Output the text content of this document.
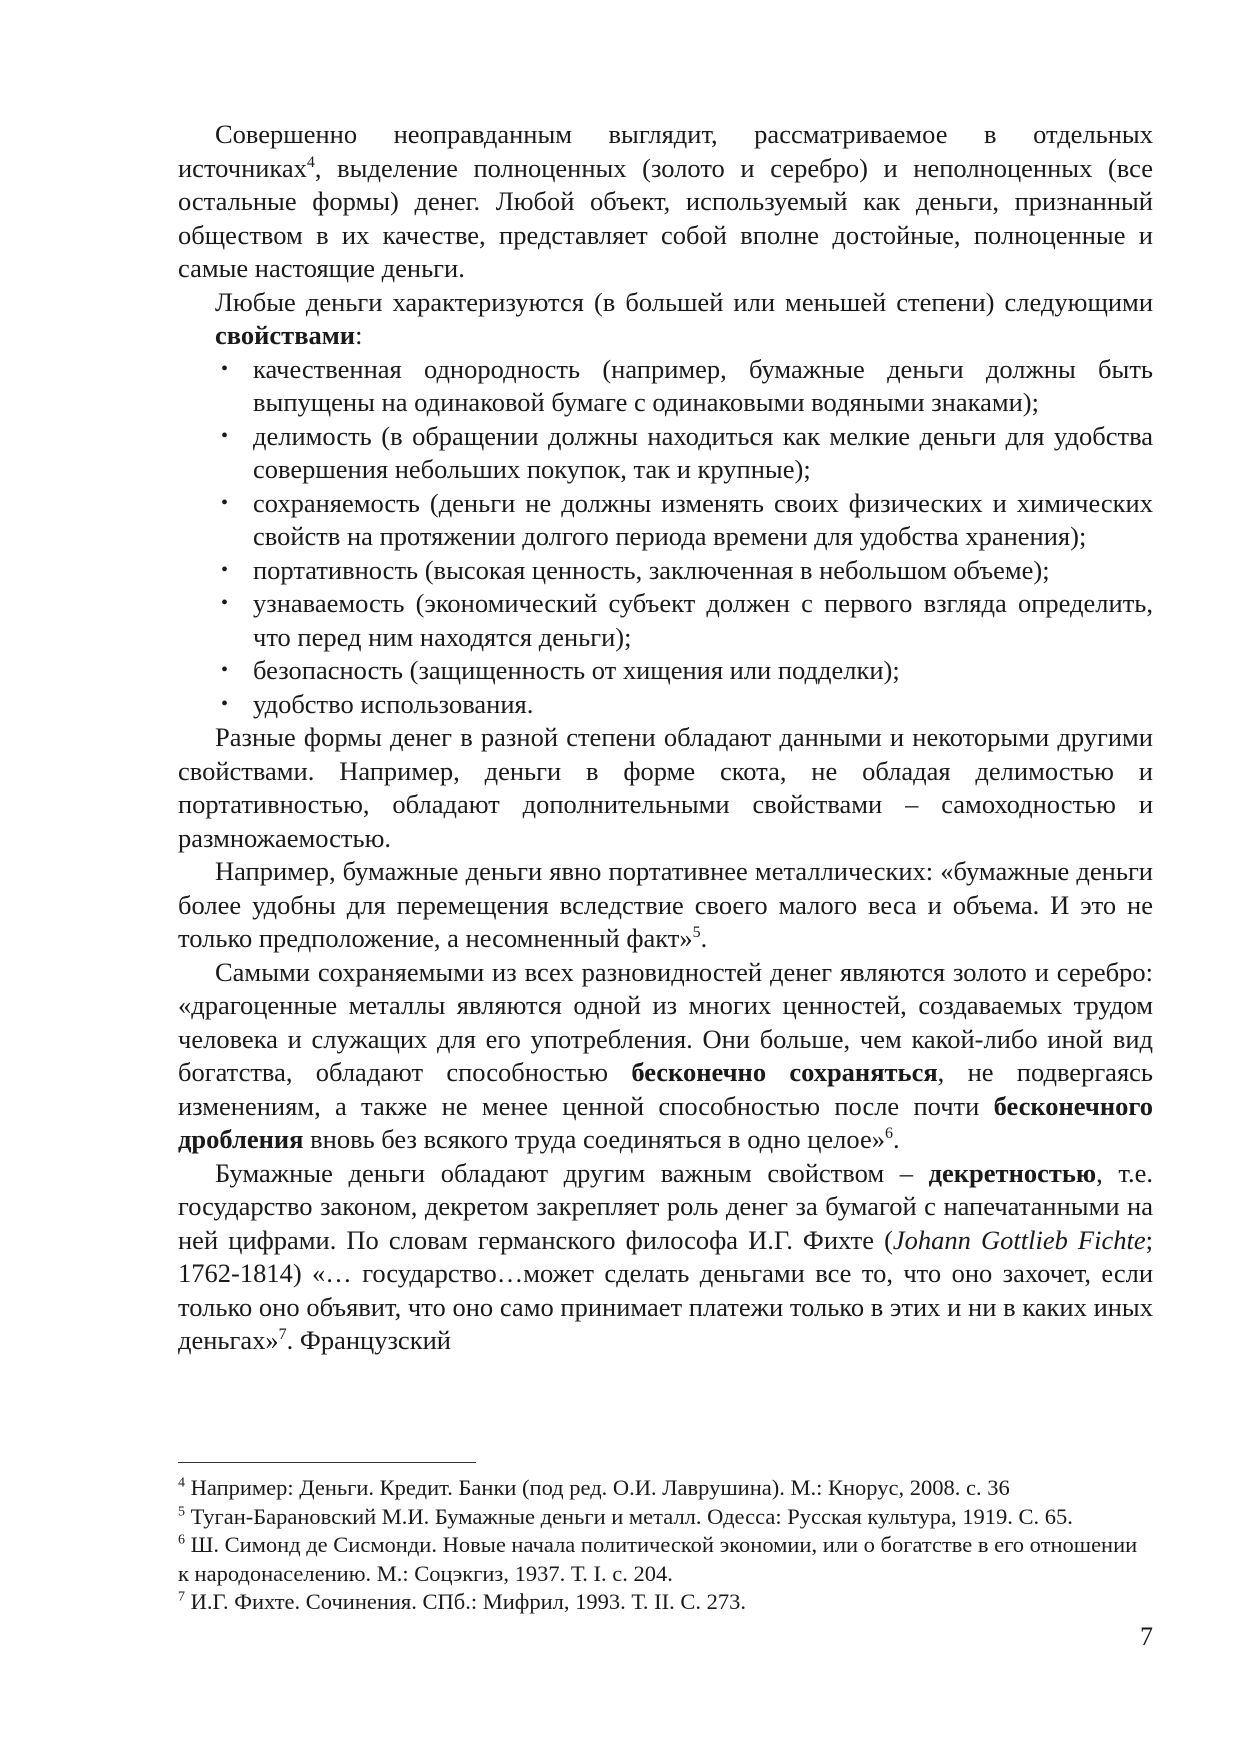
Совершенно неоправданным выглядит, рассматриваемое в отдельных источниках$^4$, выделение полноценных (золото и серебро) и неполноценных (все остальные формы) денег. Любой объект, используемый как деньги, признанный обществом в их качестве, представляет собой вполне достойные, полноценные и самые настоящие деньги.

Любые деньги характеризуются (в большей или меньшей степени) следующими свойствами:

• качественная однородность (например, бумажные деньги должны быть выпущены на одинаковой бумаге с одинаковыми водяными знаками);
• делимость (в обращении должны находиться как мелкие деньги для удобства совершения небольших покупок, так и крупные);
• сохраняемость (деньги не должны изменять своих физических и химических свойств на протяжении долгого периода времени для удобства хранения);
• портативность (высокая ценность, заключенная в небольшом объеме);
• узнаваемость (экономический субъект должен с первого взгляда определить, что перед ним находятся деньги);
• безопасность (защищенность от хищения или подделки);
• удобство использования.

Разные формы денег в разной степени обладают данными и некоторыми другими свойствами. Например, деньги в форме скота, не обладая делимостью и портативностью, обладают дополнительными свойствами – самоходностью и размножаемостью.

Например, бумажные деньги явно портативнее металлических: «бумажные деньги более удобны для перемещения вследствие своего малого веса и объема. И это не только предположение, а несомненный факт»$^5$.

Самыми сохраняемыми из всех разновидностей денег являются золото и серебро: «драгоценные металлы являются одной из многих ценностей, создаваемых трудом человека и служащих для его употребления. Они больше, чем какой-либо иной вид богатства, обладают способностью бесконечно сохраняться, не подвергаясь изменениям, а также не менее ценной способностью после почти бесконечного дробления вновь без всякого труда соединяться в одно целое»$^6$.

Бумажные деньги обладают другим важным свойством – декретностью, т.е. государство законом, декретом закрепляет роль денег за бумагой с напечатанными на ней цифрами. По словам германского философа И.Г. Фихте (Johann Gottlieb Fichte; 1762-1814) «… государство…может сделать деньгами все то, что оно захочет, если только оно объявит, что оно само принимает платежи только в этих и ни в каких иных деньгах»$^7$. Французский

$^4$ Например: Деньги. Кредит. Банки (под ред. О.И. Лаврушина). М.: Кнорус, 2008. с. 36

$^5$ Туган-Барановский М.И. Бумажные деньги и металл. Одесса: Русская культура, 1919. С. 65.

$^6$ Ш. Симонд де Сисмонди. Новые начала политической экономии, или о богатстве в его отношении к народонаселению. М.: Соцэкгиз, 1937. Т. I. с. 204.

$^7$ И.Г. Фихте. Сочинения. СПб.: Мифрил, 1993. Т. II. С. 273.

7
